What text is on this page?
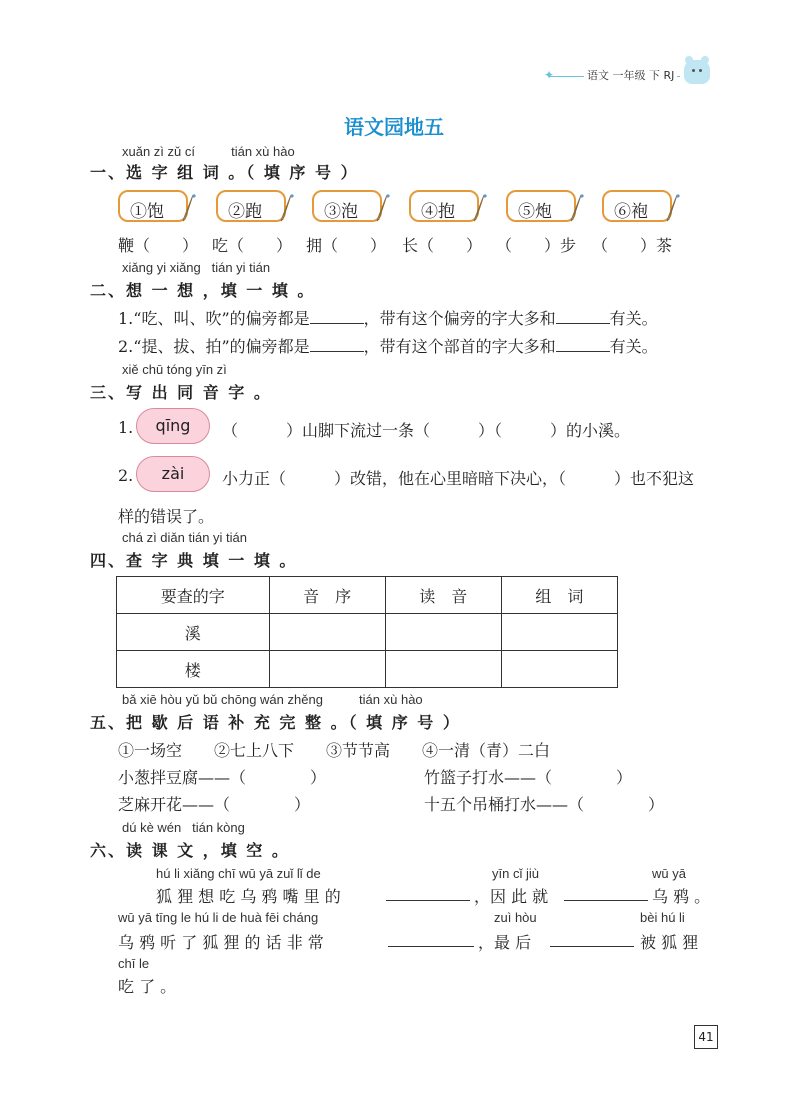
✦	语文 一年级 下 RJ
语文园地五
xuǎn zì zǔ cí          tián xù hào
一、选 字 组 词 。（ 填 序 号 ）
①饱	②跑	③泡	④抱	⑤炮	⑥袍
鞭（　　） 吃（　　） 拥（　　） 长（　　） （　　）步 （　　）茶
xiǎng yi xiǎng   tián yi tián
二、想 一 想 ，填 一 填 。
1.“吃、叫、吹”的偏旁都是	，带有这个偏旁的字大多和	有关。
2.“提、拔、拍”的偏旁都是	，带有这个部首的字大多和	有关。
xiě chū tóng yīn zì
三、写 出 同 音 字 。
1.	qīng	（　　　）山脚下流过一条（　　　）（　　　）的小溪。
2.	zài	小力正（　　　）改错，他在心里暗暗下决心，（　　　）也不犯这
样的错误了。
chá zì diǎn tián yi tián
四、查 字 典 填 一 填 。
要查的字	音　序	读　音	组　词
溪			
楼			
bǎ xiē hòu yǔ bǔ chōng wán zhěng          tián xù hào
五、把 歇 后 语 补 充 完 整 。（ 填 序 号 ）
①一场空　　②七上八下　　③节节高　　④一清（青）二白
小葱拌豆腐——（　　　　）	竹篮子打水——（　　　　）
芝麻开花——（　　　　）	十五个吊桶打水——（　　　　）
dú kè wén   tián kòng
六、读 课 文 ，填 空 。
hú li xiǎng chī wū yā zuǐ lǐ de	yīn cǐ jiù	wū yā
狐 狸 想 吃 乌 鸦 嘴 里 的	，因 此 就	乌 鸦 。
wū yā tīng le hú li de huà fēi cháng	zuì hòu	bèi hú li
乌 鸦 听 了 狐 狸 的 话 非 常	，最 后	被 狐 狸
chī le
吃 了 。
41
